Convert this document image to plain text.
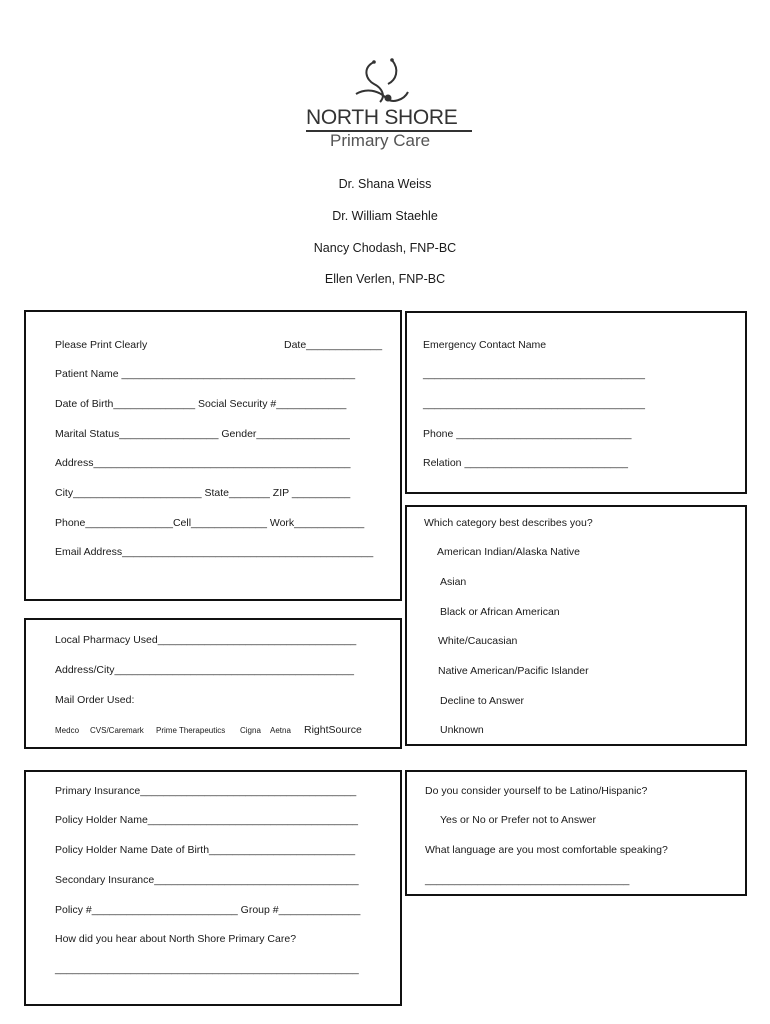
NORTH SHORE
Primary Care
Dr. Shana Weiss
Dr. William Staehle
Nancy Chodash, FNP-BC
Ellen Verlen, FNP-BC
Please Print Clearly	Date_____________
Patient Name ________________________________________
Date of Birth______________ Social Security #____________
Marital Status_________________ Gender________________
Address____________________________________________
City______________________ State_______ ZIP __________
Phone_______________Cell_____________ Work____________
Email Address___________________________________________
Emergency Contact Name
______________________________________
______________________________________
Phone ______________________________
Relation ____________________________
Local Pharmacy Used__________________________________
Address/City_________________________________________
Mail Order Used:
Medco CVS/Caremark Prime Therapeutics Cigna Aetna RightSource
Which category best describes you?
American Indian/Alaska Native
Asian
Black or African American
White/Caucasian
Native American/Pacific Islander
Decline to Answer
Unknown
Primary Insurance_____________________________________
Policy Holder Name____________________________________
Policy Holder Name Date of Birth_________________________
Secondary Insurance___________________________________
Policy #_________________________ Group #______________
How did you hear about North Shore Primary Care?
____________________________________________________
Do you consider yourself to be Latino/Hispanic?
Yes or No or Prefer not to Answer
What language are you most comfortable speaking?
___________________________________
